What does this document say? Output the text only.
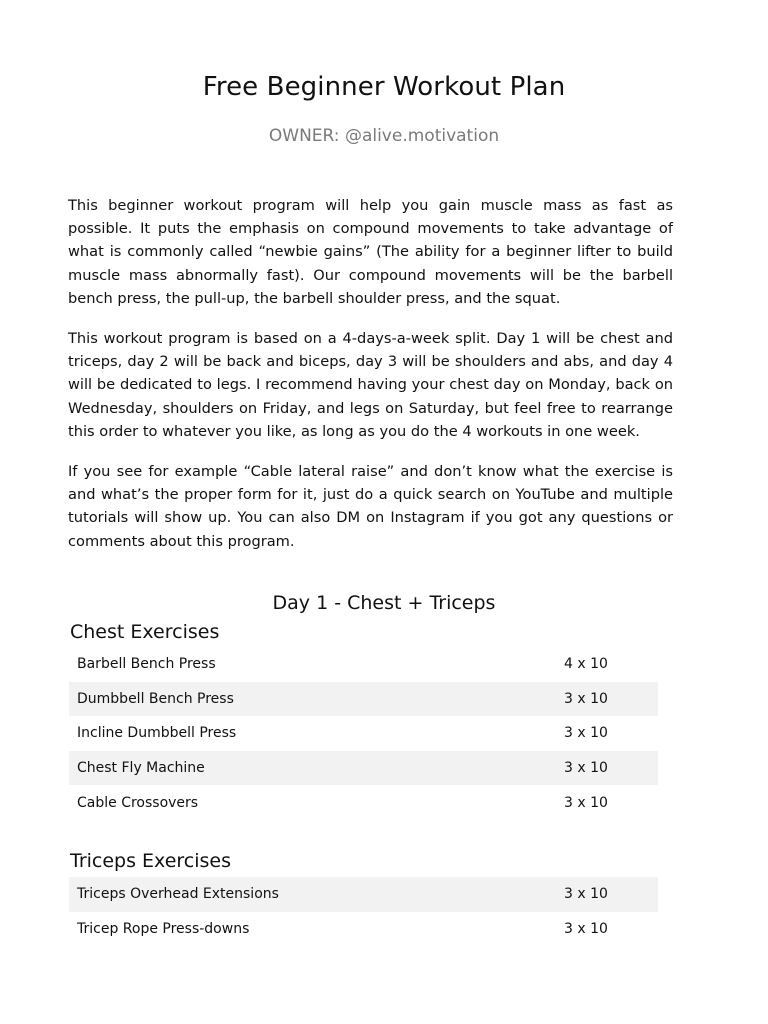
Free Beginner Workout Plan
OWNER: @alive.motivation

This beginner workout program will help you gain muscle mass as fast as possible. It puts the emphasis on compound movements to take advantage of what is commonly called “newbie gains” (The ability for a beginner lifter to build muscle mass abnormally fast). Our compound movements will be the barbell bench press, the pull-up, the barbell shoulder press, and the squat.

This workout program is based on a 4-days-a-week split. Day 1 will be chest and triceps, day 2 will be back and biceps, day 3 will be shoulders and abs, and day 4 will be dedicated to legs. I recommend having your chest day on Monday, back on Wednesday, shoulders on Friday, and legs on Saturday, but feel free to rearrange this order to whatever you like, as long as you do the 4 workouts in one week.

If you see for example “Cable lateral raise” and don’t know what the exercise is and what’s the proper form for it, just do a quick search on YouTube and multiple tutorials will show up. You can also DM on Instagram if you got any questions or comments about this program.

Day 1 - Chest + Triceps
Chest Exercises
Barbell Bench Press	4 x 10
Dumbbell Bench Press	3 x 10
Incline Dumbbell Press	3 x 10
Chest Fly Machine	3 x 10
Cable Crossovers	3 x 10
Triceps Exercises
Triceps Overhead Extensions	3 x 10
Tricep Rope Press-downs	3 x 10
